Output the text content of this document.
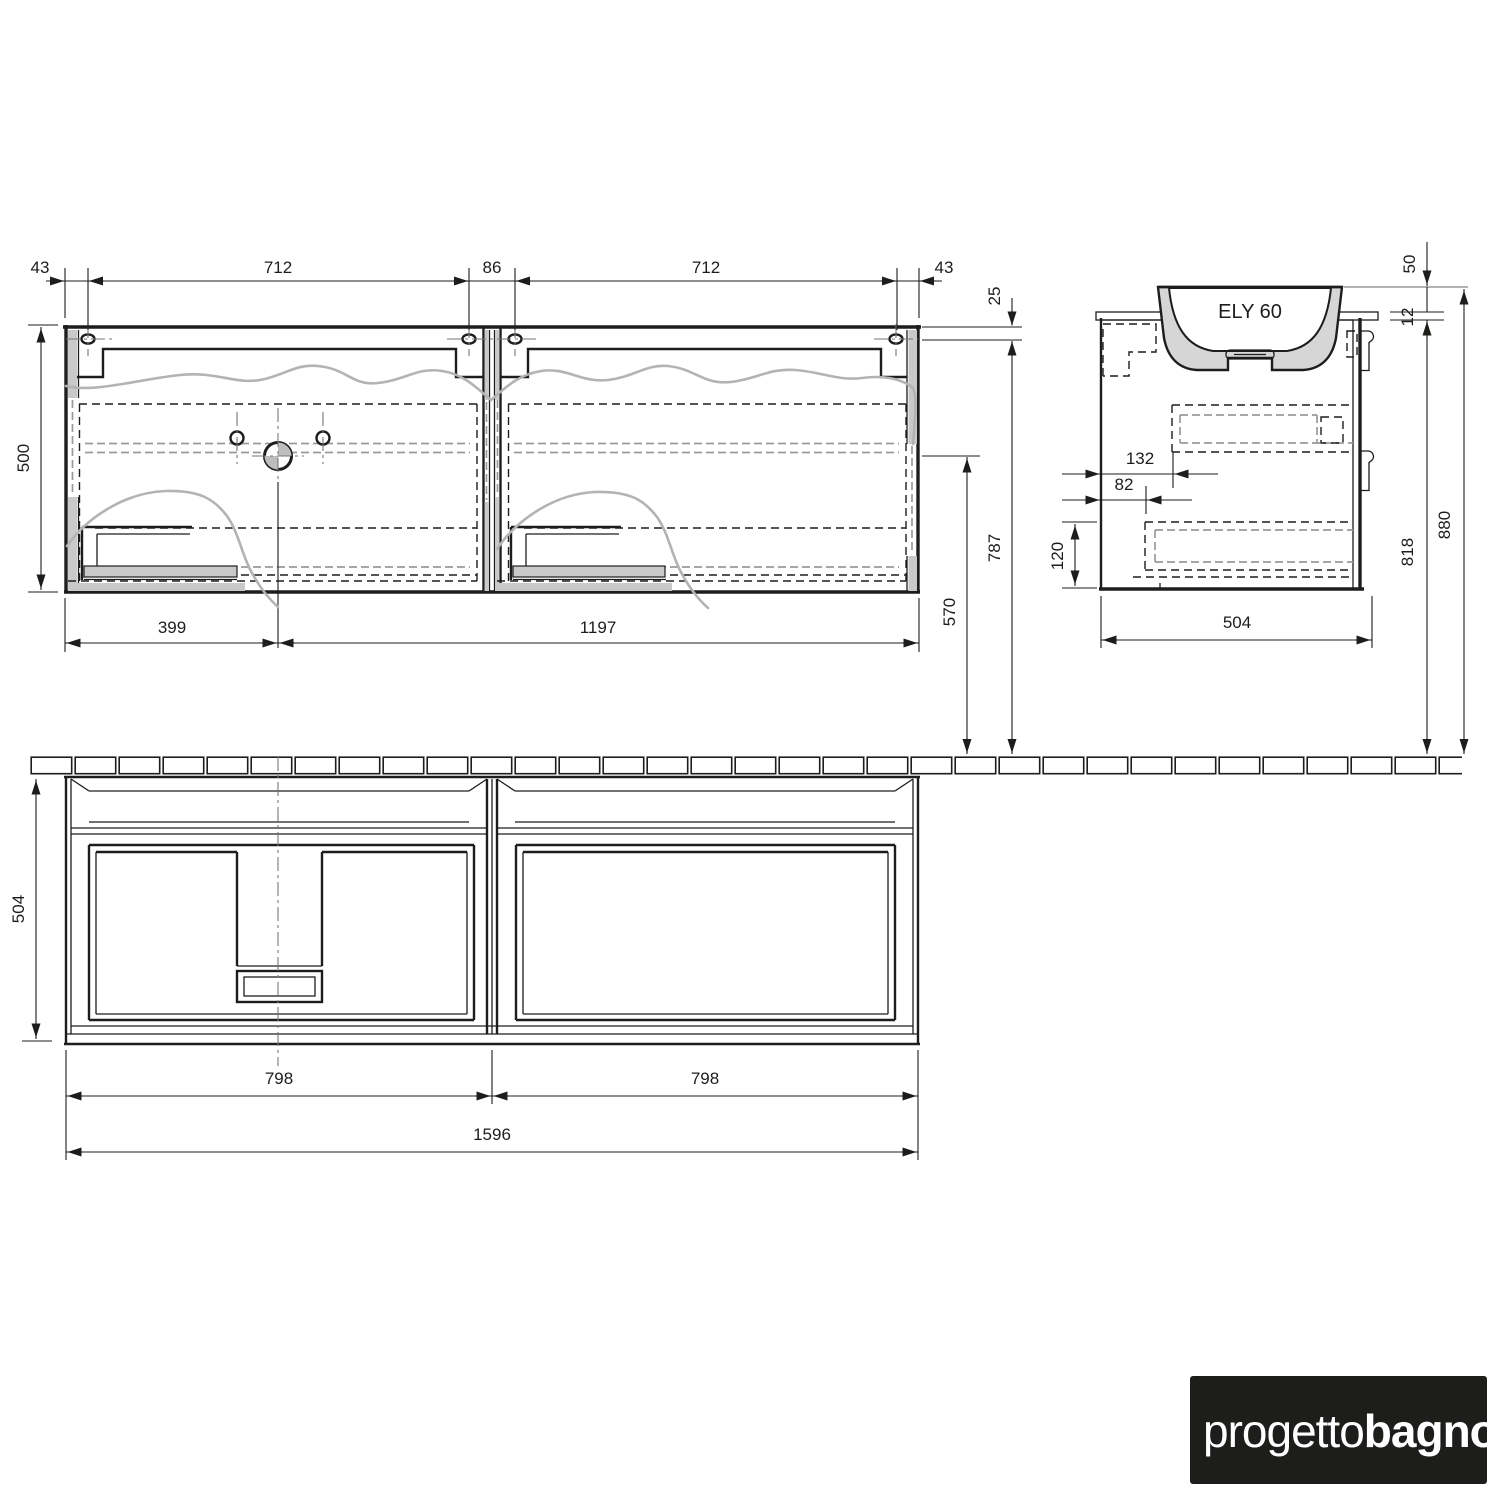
43	712	86	712	43
500
399	1197
25
787
570
ELY 60
50
12
818
880
132
82
120
504
504
798	798
1596
progettobagno
